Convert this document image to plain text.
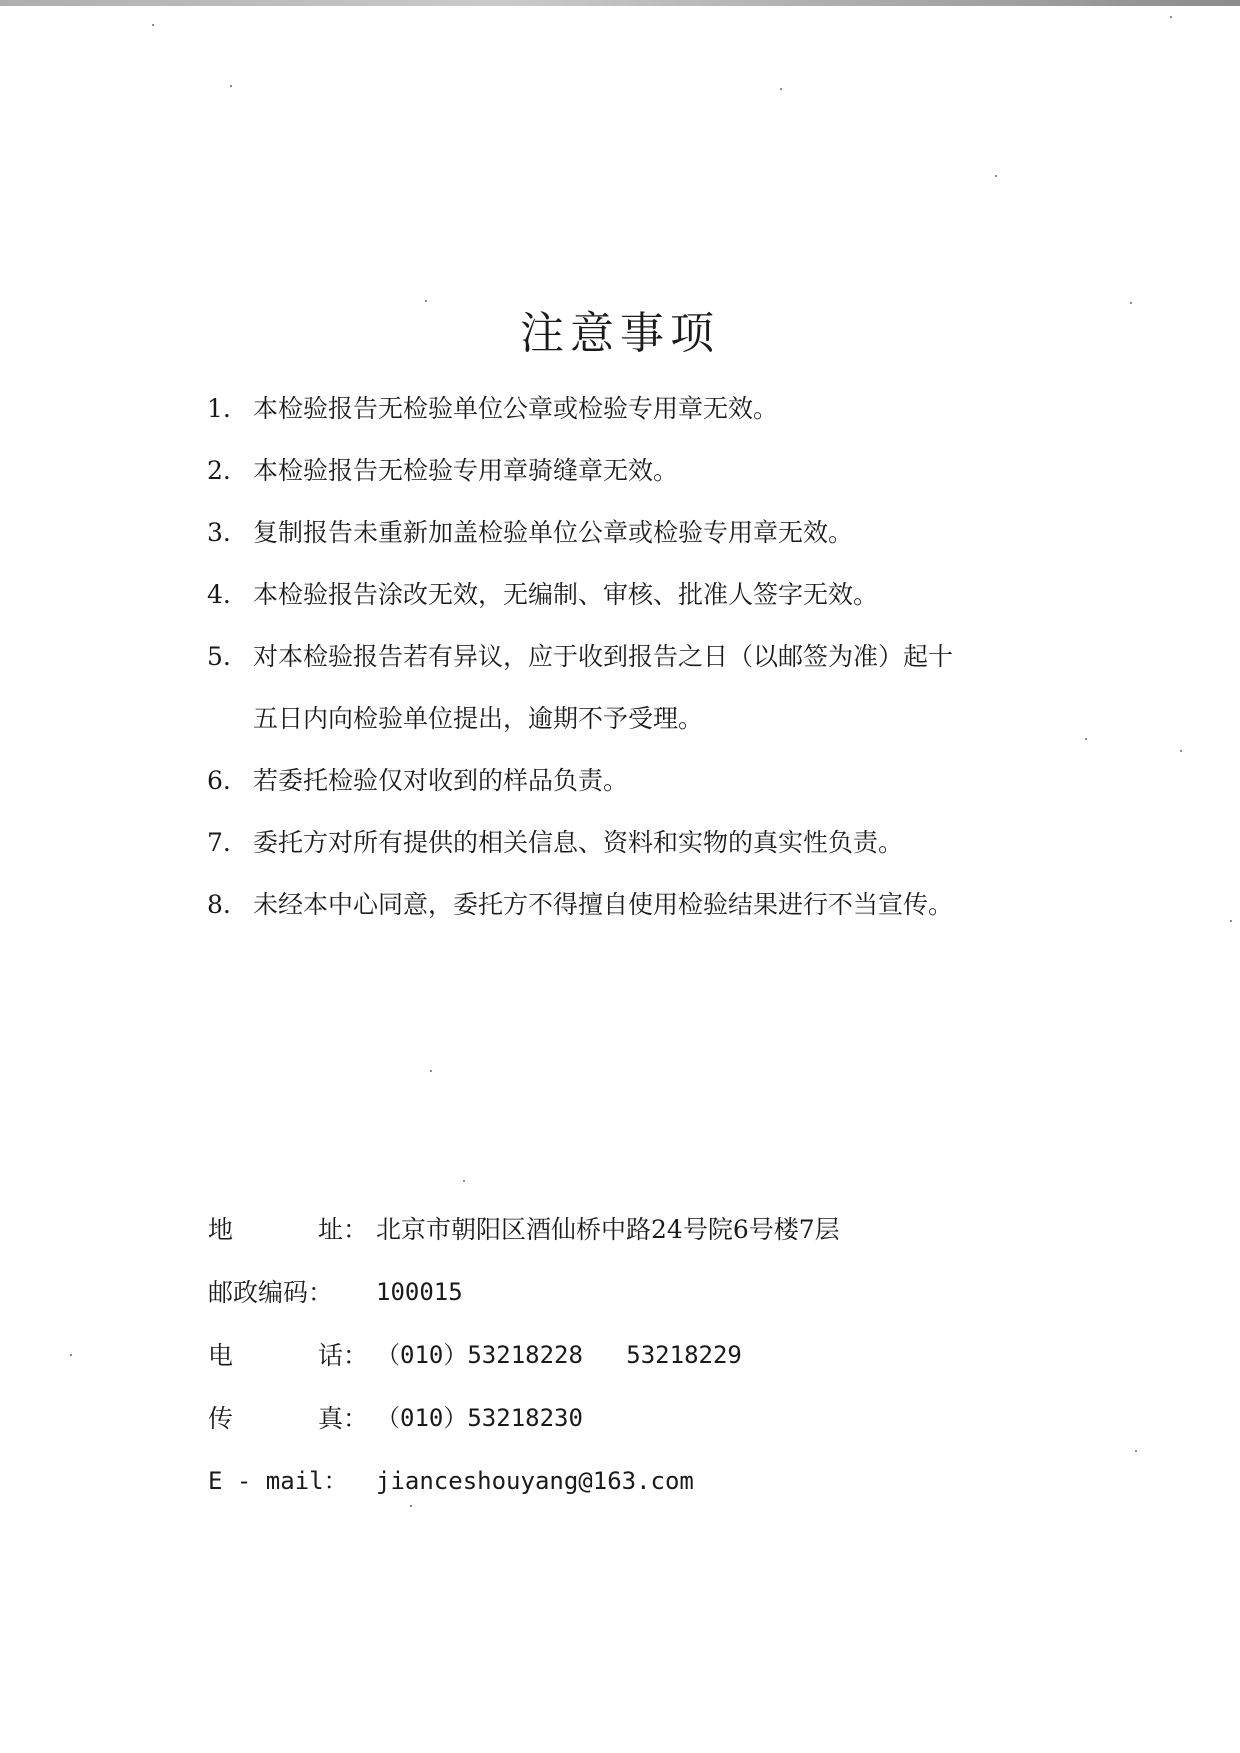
注意事项
1. 本检验报告无检验单位公章或检验专用章无效。
2. 本检验报告无检验专用章骑缝章无效。
3. 复制报告未重新加盖检验单位公章或检验专用章无效。
4. 本检验报告涂改无效，无编制、审核、批准人签字无效。
5. 对本检验报告若有异议，应于收到报告之日（以邮签为准）起十
五日内向检验单位提出，逾期不予受理。
6. 若委托检验仅对收到的样品负责。
7. 委托方对所有提供的相关信息、资料和实物的真实性负责。
8. 未经本中心同意，委托方不得擅自使用检验结果进行不当宣传。
地	址： 北京市朝阳区酒仙桥中路24号院6号楼7层
邮政编码： 100015
电	话： （010）53218228   53218229
传	真： （010）53218230
E - mail： jianceshouyang@163.com
